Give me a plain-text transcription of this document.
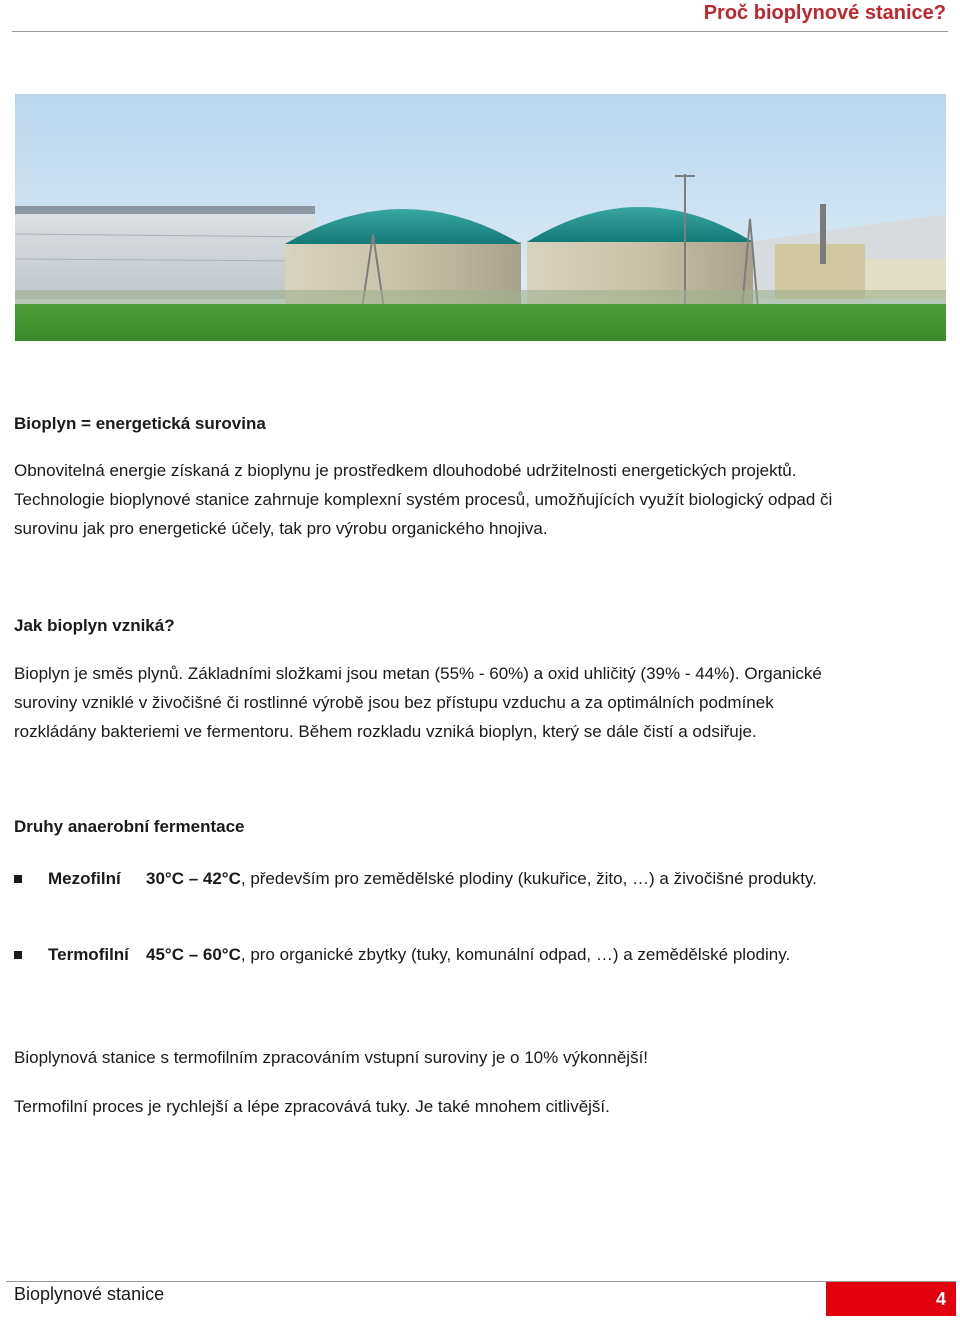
Proč bioplynové stanice?
Bioplyn = energetická surovina
Obnovitelná energie získaná z bioplynu je prostředkem dlouhodobé udržitelnosti energetických projektů.
Technologie bioplynové stanice zahrnuje komplexní systém procesů, umožňujících využít biologický odpad či
surovinu jak pro energetické účely, tak pro výrobu organického hnojiva.
Jak bioplyn vzniká?
Bioplyn je směs plynů. Základními složkami jsou metan (55% - 60%) a oxid uhličitý (39% - 44%). Organické
suroviny vzniklé v živočišné či rostlinné výrobě jsou bez přístupu vzduchu a za optimálních podmínek
rozkládány bakteriemi ve fermentoru. Během rozkladu vzniká bioplyn, který se dále čistí a odsiřuje.
Druhy anaerobní fermentace
Mezofilní 30°C – 42°C, především pro zemědělské plodiny (kukuřice, žito, …) a živočišné produkty.
Termofilní 45°C – 60°C, pro organické zbytky (tuky, komunální odpad, …) a zemědělské plodiny.
Bioplynová stanice s termofilním zpracováním vstupní suroviny je o 10% výkonnější!
Termofilní proces je rychlejší a lépe zpracovává tuky. Je také mnohem citlivější.
Bioplynové stanice	4
